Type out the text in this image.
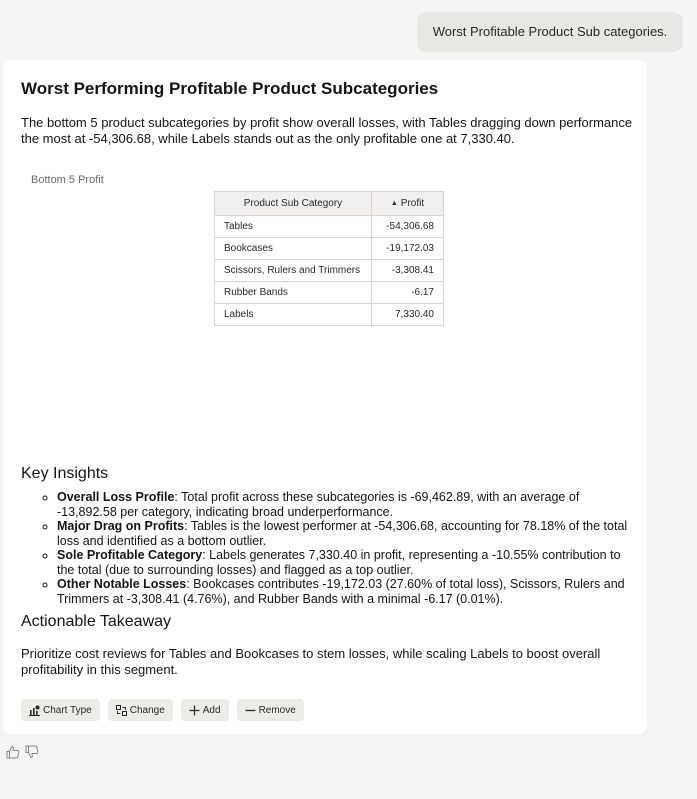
Worst Profitable Product Sub categories.
Worst Performing Profitable Product Subcategories

The bottom 5 product subcategories by profit show overall losses, with Tables dragging down performance the most at -54,306.68, while Labels stands out as the only profitable one at 7,330.40.

Bottom 5 Profit
Product Sub Category	▲ Profit
Tables	-54,306.68
Bookcases	-19,172.03
Scissors, Rulers and Trimmers	-3,308.41
Rubber Bands	-6.17
Labels	7,330.40
Key Insights
◦ Overall Loss Profile: Total profit across these subcategories is -69,462.89, with an average of -13,892.58 per category, indicating broad underperformance.
◦ Major Drag on Profits: Tables is the lowest performer at -54,306.68, accounting for 78.18% of the total loss and identified as a bottom outlier.
◦ Sole Profitable Category: Labels generates 7,330.40 in profit, representing a -10.55% contribution to the total (due to surrounding losses) and flagged as a top outlier.
◦ Other Notable Losses: Bookcases contributes -19,172.03 (27.60% of total loss), Scissors, Rulers and Trimmers at -3,308.41 (4.76%), and Rubber Bands with a minimal -6.17 (0.01%).
Actionable Takeaway

Prioritize cost reviews for Tables and Bookcases to stem losses, while scaling Labels to boost overall profitability in this segment.

Chart Type	Change	Add	Remove
